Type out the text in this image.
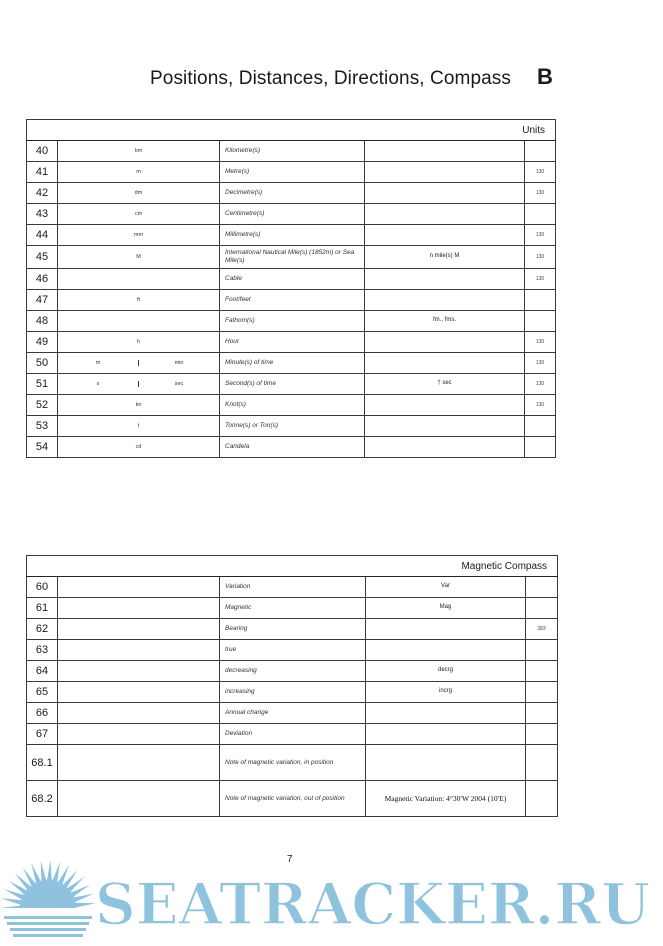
Positions, Distances, Directions, Compass B
Units				
40	km	Kilometre(s)		
41	m	Metre(s)		130
42	dm	Decimetre(s)		130
43	cm	Centimetre(s)		
44	mm	Millimetre(s)		130
45	M	International Nautical Mile(s) (1852m) or Sea Mile(s)	n mile(s) M	130
46		Cable		130
47	ft	Foot/feet		
48		Fathom(s)	fm., fms.	
49	h	Hour		130
50	m min	Minute(s) of time		130
51	s sec	Second(s) of time	† sec	130
52	kn	Knot(s)		130
53	t	Tonne(s) or Ton(s)		
54	cd	Candela		
Magnetic Compass				
60		Variation	Var	
61		Magnetic	Mag	
62		Bearing		383
63		true		
64		decreasing	decrg	
65		increasing	incrg	
66		Annual change		
67		Deviation		
68.1		Note of magnetic variation, in position		
68.2		Note of magnetic variation, out of position	Magnetic Variation: 4°30′W 2004 (10′E)	
7
SEATRACKER.RU
